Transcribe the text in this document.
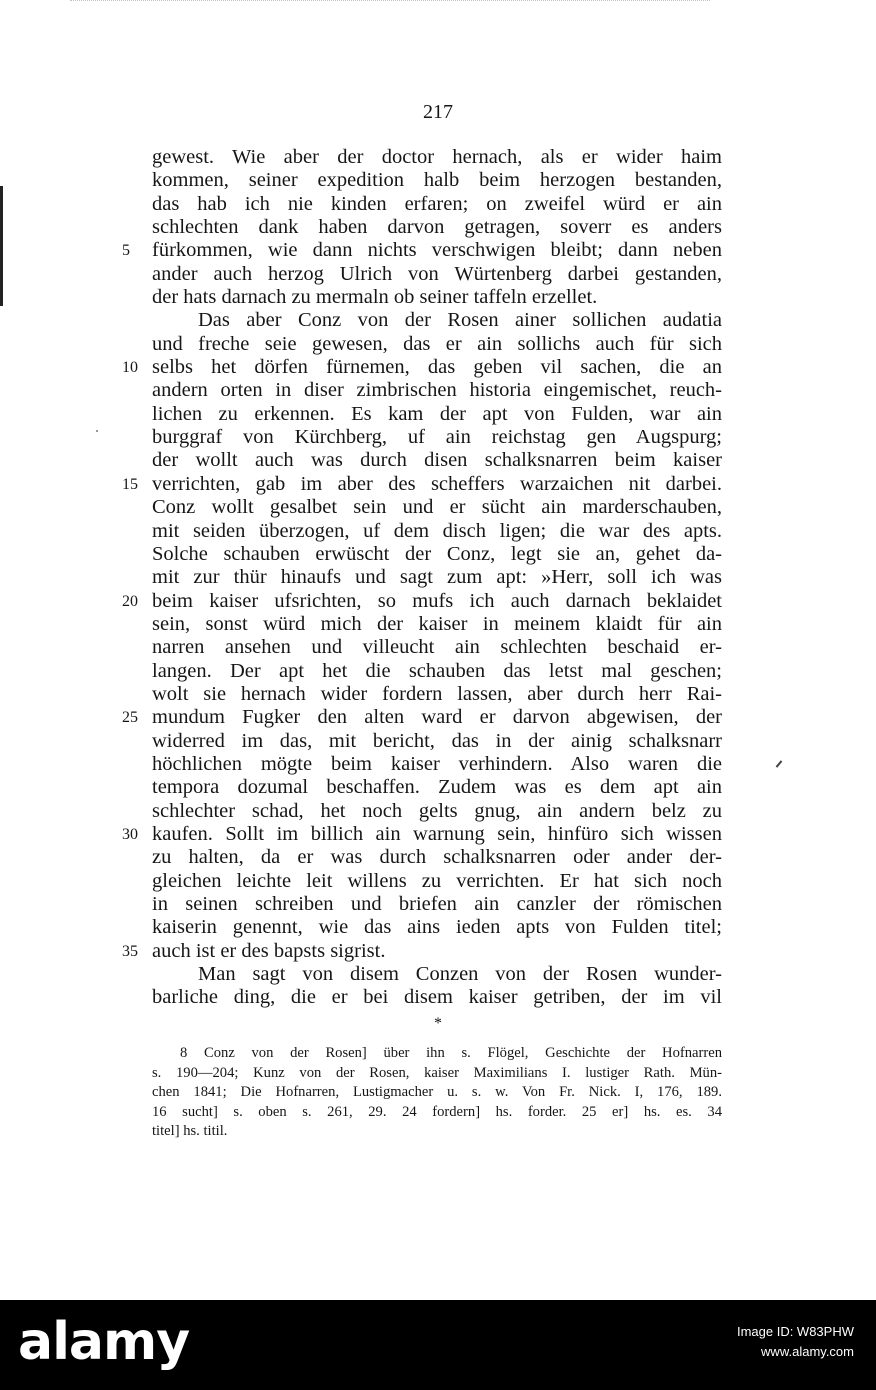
217
gewest. Wie aber der doctor hernach, als er wider haim
kommen, seiner expedition halb beim herzogen bestanden,
das hab ich nie kinden erfaren; on zweifel würd er ain
schlechten dank haben darvon getragen, soverr es anders
5	fürkommen, wie dann nichts verschwigen bleibt; dann neben
ander auch herzog Ulrich von Würtenberg darbei gestanden,
der hats darnach zu mermaln ob seiner taffeln erzellet.
Das aber Conz von der Rosen ainer sollichen audatia
und freche seie gewesen, das er ain sollichs auch für sich
10 selbs het dörfen fürnemen, das geben vil sachen, die an
andern orten in diser zimbrischen historia eingemischet, reuch-
lichen zu erkennen. Es kam der apt von Fulden, war ain
burggraf von Kürchberg, uf ain reichstag gen Augspurg;
der wollt auch was durch disen schalksnarren beim kaiser
15 verrichten, gab im aber des scheffers warzaichen nit darbei.
Conz wollt gesalbet sein und er sücht ain marderschauben,
mit seiden überzogen, uf dem disch ligen; die war des apts.
Solche schauben erwüscht der Conz, legt sie an, gehet da-
mit zur thür hinaufs und sagt zum apt: »Herr, soll ich was
20 beim kaiser ufsrichten, so mufs ich auch darnach beklaidet
sein, sonst würd mich der kaiser in meinem klaidt für ain
narren ansehen und villeucht ain schlechten beschaid er-
langen. Der apt het die schauben das letst mal geschen;
wolt sie hernach wider fordern lassen, aber durch herr Rai-
25 mundum Fugker den alten ward er darvon abgewisen, der
widerred im das, mit bericht, das in der ainig schalksnarr
höchlichen mögte beim kaiser verhindern. Also waren die
tempora dozumal beschaffen. Zudem was es dem apt ain
schlechter schad, het noch gelts gnug, ain andern belz zu
30 kaufen. Sollt im billich ain warnung sein, hinfüro sich wissen
zu halten, da er was durch schalksnarren oder ander der-
gleichen leichte leit willens zu verrichten. Er hat sich noch
in seinen schreiben und briefen ain canzler der römischen
kaiserin genennt, wie das ains ieden apts von Fulden titel;
35 auch ist er des bapsts sigrist.
Man sagt von disem Conzen von der Rosen wunder-
barliche ding, die er bei disem kaiser getriben, der im vil
*
8 Conz von der Rosen] über ihn s. Flögel, Geschichte der Hofnarren
s. 190—204; Kunz von der Rosen, kaiser Maximilians I. lustiger Rath. Mün-
chen 1841; Die Hofnarren, Lustigmacher u. s. w. Von Fr. Nick. I, 176, 189.
16 sucht] s. oben s. 261, 29. 24 fordern] hs. forder. 25 er] hs. es. 34
titel] hs. titil.
alamy	Image ID: W83PHW
www.alamy.com
